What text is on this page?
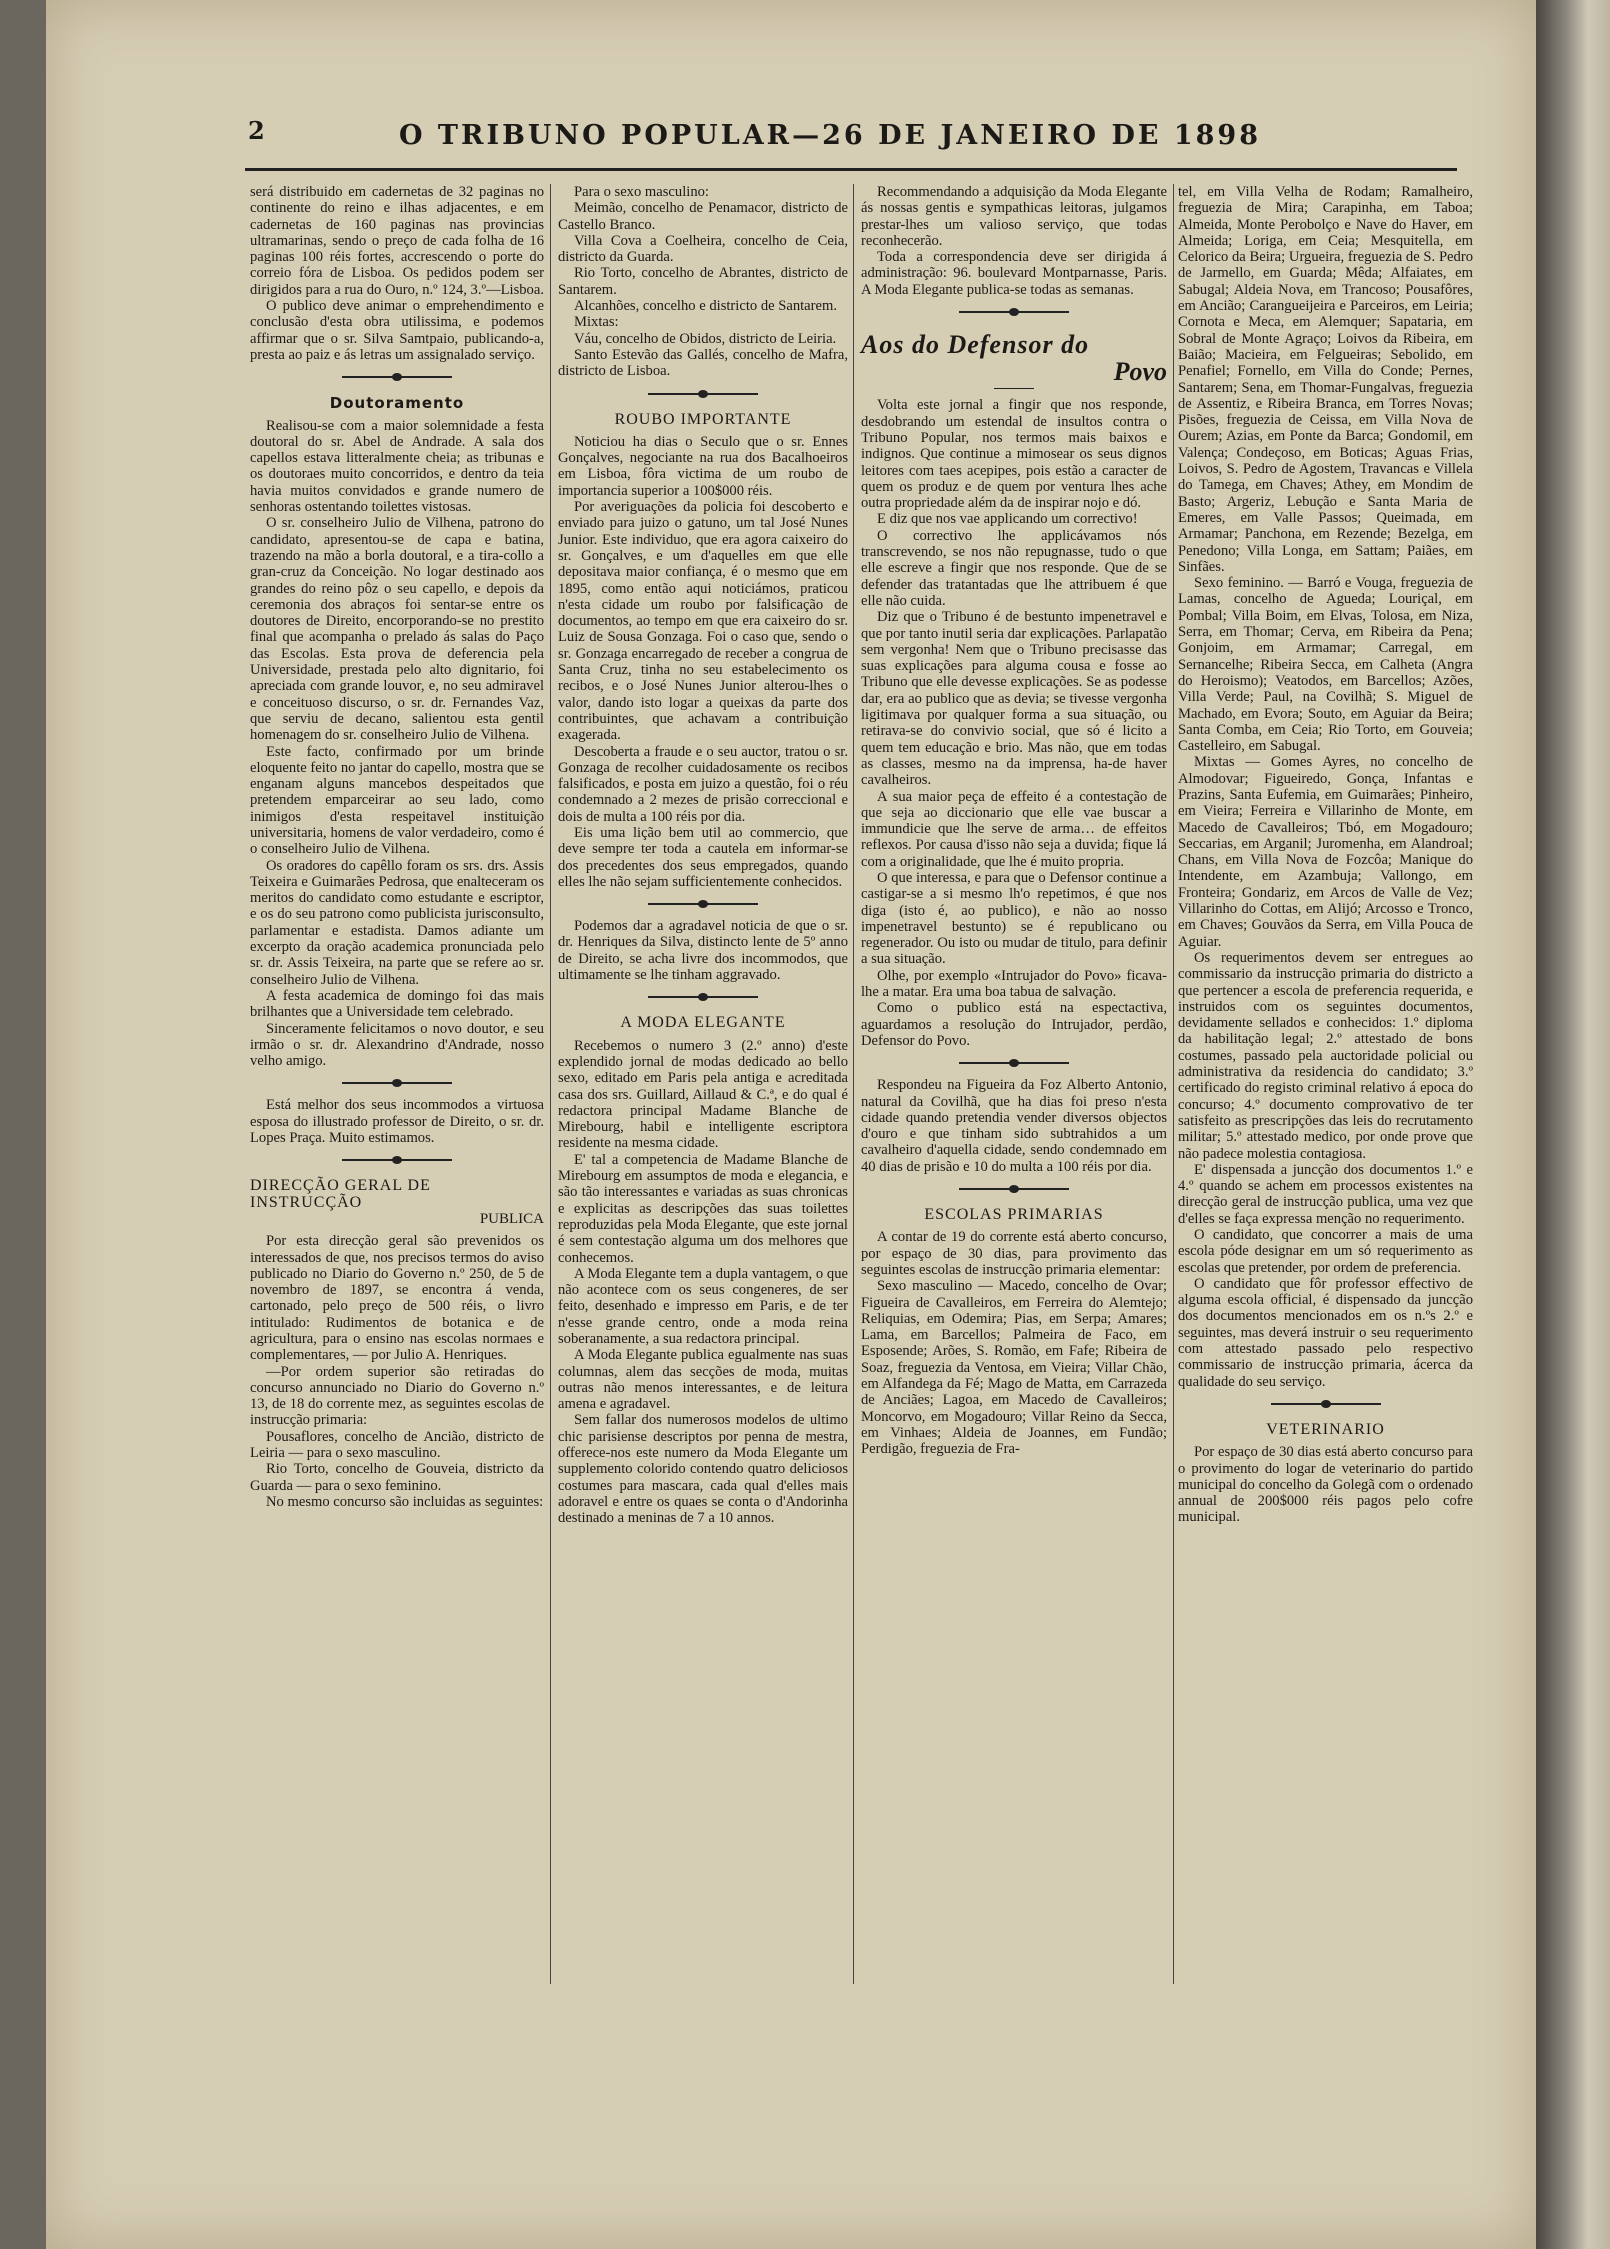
2	O TRIBUNO POPULAR—26 DE JANEIRO DE 1898

será distribuido em cadernetas de 32 paginas no continente do reino e ilhas adjacentes, e em cadernetas de 160 paginas nas provincias ultramarinas, sendo o preço de cada folha de 16 paginas 100 réis fortes, accrescendo o porte do correio fóra de Lisboa. Os pedidos podem ser dirigidos para a rua do Ouro, n.º 124, 3.º—Lisboa.

O publico deve animar o emprehendimento e conclusão d'esta obra utilissima, e podemos affirmar que o sr. Silva Samtpaio, publicando-a, presta ao paiz e ás letras um assignalado serviço.

Doutoramento

Realisou-se com a maior solemnidade a festa doutoral do sr. Abel de Andrade. A sala dos capellos estava litteralmente cheia; as tribunas e os doutoraes muito concorridos, e dentro da teia havia muitos convidados e grande numero de senhoras ostentando toilettes vistosas.

O sr. conselheiro Julio de Vilhena, patrono do candidato, apresentou-se de capa e batina, trazendo na mão a borla doutoral, e a tira-collo a gran-cruz da Conceição. No logar destinado aos grandes do reino pôz o seu capello, e depois da ceremonia dos abraços foi sentar-se entre os doutores de Direito, encorporando-se no prestito final que acompanha o prelado ás salas do Paço das Escolas. Esta prova de deferencia pela Universidade, prestada pelo alto dignitario, foi apreciada com grande louvor, e, no seu admiravel e conceituoso discurso, o sr. dr. Fernandes Vaz, que serviu de decano, salientou esta gentil homenagem do sr. conselheiro Julio de Vilhena.

Este facto, confirmado por um brinde eloquente feito no jantar do capello, mostra que se enganam alguns mancebos despeitados que pretendem emparceirar ao seu lado, como inimigos d'esta respeitavel instituição universitaria, homens de valor verdadeiro, como é o conselheiro Julio de Vilhena.

Os oradores do capêllo foram os srs. drs. Assis Teixeira e Guimarães Pedrosa, que enalteceram os meritos do candidato como estudante e escriptor, e os do seu patrono como publicista jurisconsulto, parlamentar e estadista. Damos adiante um excerpto da oração academica pronunciada pelo sr. dr. Assis Teixeira, na parte que se refere ao sr. conselheiro Julio de Vilhena.

A festa academica de domingo foi das mais brilhantes que a Universidade tem celebrado.

Sinceramente felicitamos o novo doutor, e seu irmão o sr. dr. Alexandrino d'Andrade, nosso velho amigo.

Está melhor dos seus incommodos a virtuosa esposa do illustrado professor de Direito, o sr. dr. Lopes Praça. Muito estimamos.

DIRECÇÃO GERAL DE INSTRUCÇÃO
PUBLICA

Por esta direcção geral são prevenidos os interessados de que, nos precisos termos do aviso publicado no Diario do Governo n.º 250, de 5 de novembro de 1897, se encontra á venda, cartonado, pelo preço de 500 réis, o livro intitulado: Rudimentos de botanica e de agricultura, para o ensino nas escolas normaes e complementares, — por Julio A. Henriques.

—Por ordem superior são retiradas do concurso annunciado no Diario do Governo n.º 13, de 18 do corrente mez, as seguintes escolas de instrucção primaria:

Pousaflores, concelho de Ancião, districto de Leiria — para o sexo masculino.

Rio Torto, concelho de Gouveia, districto da Guarda — para o sexo feminino.

No mesmo concurso são incluidas as seguintes:

Para o sexo masculino:

Meimão, concelho de Penamacor, districto de Castello Branco.

Villa Cova a Coelheira, concelho de Ceia, districto da Guarda.

Rio Torto, concelho de Abrantes, districto de Santarem.

Alcanhões, concelho e districto de Santarem.

Mixtas:

Váu, concelho de Obidos, districto de Leiria.

Santo Estevão das Gallés, concelho de Mafra, districto de Lisboa.

ROUBO IMPORTANTE

Noticiou ha dias o Seculo que o sr. Ennes Gonçalves, negociante na rua dos Bacalhoeiros em Lisboa, fôra victima de um roubo de importancia superior a 100$000 réis.

Por averiguações da policia foi descoberto e enviado para juizo o gatuno, um tal José Nunes Junior. Este individuo, que era agora caixeiro do sr. Gonçalves, e um d'aquelles em que elle depositava maior confiança, é o mesmo que em 1895, como então aqui noticiámos, praticou n'esta cidade um roubo por falsificação de documentos, ao tempo em que era caixeiro do sr. Luiz de Sousa Gonzaga. Foi o caso que, sendo o sr. Gonzaga encarregado de receber a congrua de Santa Cruz, tinha no seu estabelecimento os recibos, e o José Nunes Junior alterou-lhes o valor, dando isto logar a queixas da parte dos contribuintes, que achavam a contribuição exagerada.

Descoberta a fraude e o seu auctor, tratou o sr. Gonzaga de recolher cuidadosamente os recibos falsificados, e posta em juizo a questão, foi o réu condemnado a 2 mezes de prisão correccional e dois de multa a 100 réis por dia.

Eis uma lição bem util ao commercio, que deve sempre ter toda a cautela em informar-se dos precedentes dos seus empregados, quando elles lhe não sejam sufficientemente conhecidos.

Podemos dar a agradavel noticia de que o sr. dr. Henriques da Silva, distincto lente de 5º anno de Direito, se acha livre dos incommodos, que ultimamente se lhe tinham aggravado.

A MODA ELEGANTE

Recebemos o numero 3 (2.º anno) d'este explendido jornal de modas dedicado ao bello sexo, editado em Paris pela antiga e acreditada casa dos srs. Guillard, Aillaud & C.ª, e do qual é redactora principal Madame Blanche de Mirebourg, habil e intelligente escriptora residente na mesma cidade.

E' tal a competencia de Madame Blanche de Mirebourg em assumptos de moda e elegancia, e são tão interessantes e variadas as suas chronicas e explicitas as descripções das suas toilettes reproduzidas pela Moda Elegante, que este jornal é sem contestação alguma um dos melhores que conhecemos.

A Moda Elegante tem a dupla vantagem, o que não acontece com os seus congeneres, de ser feito, desenhado e impresso em Paris, e de ter n'esse grande centro, onde a moda reina soberanamente, a sua redactora principal.

A Moda Elegante publica egualmente nas suas columnas, alem das secções de moda, muitas outras não menos interessantes, e de leitura amena e agradavel.

Sem fallar dos numerosos modelos de ultimo chic parisiense descriptos por penna de mestra, offerece-nos este numero da Moda Elegante um supplemento colorido contendo quatro deliciosos costumes para mascara, cada qual d'elles mais adoravel e entre os quaes se conta o d'Andorinha destinado a meninas de 7 a 10 annos.

Recommendando a adquisição da Moda Elegante ás nossas gentis e sympathicas leitoras, julgamos prestar-lhes um valioso serviço, que todas reconhecerão.

Toda a correspondencia deve ser dirigida á administração: 96. boulevard Montparnasse, Paris. A Moda Elegante publica-se todas as semanas.

Aos do Defensor do
Povo

Volta este jornal a fingir que nos responde, desdobrando um estendal de insultos contra o Tribuno Popular, nos termos mais baixos e indignos. Que continue a mimosear os seus dignos leitores com taes acepipes, pois estão a caracter de quem os produz e de quem por ventura lhes ache outra propriedade além da de inspirar nojo e dó.

E diz que nos vae applicando um correctivo!

O correctivo lhe applicávamos nós transcrevendo, se nos não repugnasse, tudo o que elle escreve a fingir que nos responde. Que de se defender das tratantadas que lhe attribuem é que elle não cuida.

Diz que o Tribuno é de bestunto impenetravel e que por tanto inutil seria dar explicações. Parlapatão sem vergonha! Nem que o Tribuno precisasse das suas explicações para alguma cousa e fosse ao Tribuno que elle devesse explicações. Se as podesse dar, era ao publico que as devia; se tivesse vergonha ligitimava por qualquer forma a sua situação, ou retirava-se do convivio social, que só é licito a quem tem educação e brio. Mas não, que em todas as classes, mesmo na da imprensa, ha-de haver cavalheiros.

A sua maior peça de effeito é a contestação de que seja ao diccionario que elle vae buscar a immundicie que lhe serve de arma… de effeitos reflexos. Por causa d'isso não seja a duvida; fique lá com a originalidade, que lhe é muito propria.

O que interessa, e para que o Defensor continue a castigar-se a si mesmo lh'o repetimos, é que nos diga (isto é, ao publico), e não ao nosso impenetravel bestunto) se é republicano ou regenerador. Ou isto ou mudar de titulo, para definir a sua situação.

Olhe, por exemplo «Intrujador do Povo» ficava-lhe a matar. Era uma boa tabua de salvação.

Como o publico está na espectactiva, aguardamos a resolução do Intrujador, perdão, Defensor do Povo.

Respondeu na Figueira da Foz Alberto Antonio, natural da Covilhã, que ha dias foi preso n'esta cidade quando pretendia vender diversos objectos d'ouro e que tinham sido subtrahidos a um cavalheiro d'aquella cidade, sendo condemnado em 40 dias de prisão e 10 do multa a 100 réis por dia.

ESCOLAS PRIMARIAS

A contar de 19 do corrente está aberto concurso, por espaço de 30 dias, para provimento das seguintes escolas de instrucção primaria elementar:

Sexo masculino — Macedo, concelho de Ovar; Figueira de Cavalleiros, em Ferreira do Alemtejo; Reliquias, em Odemira; Pias, em Serpa; Amares; Lama, em Barcellos; Palmeira de Faco, em Esposende; Arões, S. Romão, em Fafe; Ribeira de Soaz, freguezia da Ventosa, em Vieira; Villar Chão, em Alfandega da Fé; Mago de Matta, em Carrazeda de Anciães; Lagoa, em Macedo de Cavalleiros; Moncorvo, em Mogadouro; Villar Reino da Secca, em Vinhaes; Aldeia de Joannes, em Fundão; Perdigão, freguezia de Fra-

tel, em Villa Velha de Rodam; Ramalheiro, freguezia de Mira; Carapinha, em Taboa; Almeida, Monte Perobolço e Nave do Haver, em Almeida; Loriga, em Ceia; Mesquitella, em Celorico da Beira; Urgueira, freguezia de S. Pedro de Jarmello, em Guarda; Mêda; Alfaiates, em Sabugal; Aldeia Nova, em Trancoso; Pousafôres, em Ancião; Carangueijeira e Parceiros, em Leiria; Cornota e Meca, em Alemquer; Sapataria, em Sobral de Monte Agraço; Loivos da Ribeira, em Baião; Macieira, em Felgueiras; Sebolido, em Penafiel; Fornello, em Villa do Conde; Pernes, Santarem; Sena, em Thomar-Fungalvas, freguezia de Assentiz, e Ribeira Branca, em Torres Novas; Pisões, freguezia de Ceissa, em Villa Nova de Ourem; Azias, em Ponte da Barca; Gondomil, em Valença; Condeçoso, em Boticas; Aguas Frias, Loivos, S. Pedro de Agostem, Travancas e Villela do Tamega, em Chaves; Athey, em Mondim de Basto; Argeriz, Lebução e Santa Maria de Emeres, em Valle Passos; Queimada, em Armamar; Panchona, em Rezende; Bezelga, em Penedono; Villa Longa, em Sattam; Paiães, em Sinfães.

Sexo feminino. — Barró e Vouga, freguezia de Lamas, concelho de Agueda; Louriçal, em Pombal; Villa Boim, em Elvas, Tolosa, em Niza, Serra, em Thomar; Cerva, em Ribeira da Pena; Gonjoim, em Armamar; Carregal, em Sernancelhe; Ribeira Secca, em Calheta (Angra do Heroismo); Veatodos, em Barcellos; Azões, Villa Verde; Paul, na Covilhã; S. Miguel de Machado, em Evora; Souto, em Aguiar da Beira; Santa Comba, em Ceia; Rio Torto, em Gouveia; Castelleiro, em Sabugal.

Mixtas — Gomes Ayres, no concelho de Almodovar; Figueiredo, Gonça, Infantas e Prazins, Santa Eufemia, em Guimarães; Pinheiro, em Vieira; Ferreira e Villarinho de Monte, em Macedo de Cavalleiros; Tbó, em Mogadouro; Seccarias, em Arganil; Juromenha, em Alandroal; Chans, em Villa Nova de Fozcôa; Manique do Intendente, em Azambuja; Vallongo, em Fronteira; Gondariz, em Arcos de Valle de Vez; Villarinho do Cottas, em Alijó; Arcosso e Tronco, em Chaves; Gouvãos da Serra, em Villa Pouca de Aguiar.

Os requerimentos devem ser entregues ao commissario da instrucção primaria do districto a que pertencer a escola de preferencia requerida, e instruidos com os seguintes documentos, devidamente sellados e conhecidos: 1.º diploma da habilitação legal; 2.º attestado de bons costumes, passado pela auctoridade policial ou administrativa da residencia do candidato; 3.º certificado do registo criminal relativo á epoca do concurso; 4.º documento comprovativo de ter satisfeito as prescripções das leis do recrutamento militar; 5.º attestado medico, por onde prove que não padece molestia contagiosa.

E' dispensada a juncção dos documentos 1.º e 4.º quando se achem em processos existentes na direcção geral de instrucção publica, uma vez que d'elles se faça expressa menção no requerimento.

O candidato, que concorrer a mais de uma escola póde designar em um só requerimento as escolas que pretender, por ordem de preferencia.

O candidato que fôr professor effectivo de alguma escola official, é dispensado da juncção dos documentos mencionados em os n.ºs 2.º e seguintes, mas deverá instruir o seu requerimento com attestado passado pelo respectivo commissario de instrucção primaria, ácerca da qualidade do seu serviço.

VETERINARIO

Por espaço de 30 dias está aberto concurso para o provimento do logar de veterinario do partido municipal do concelho da Golegã com o ordenado annual de 200$000 réis pagos pelo cofre municipal.
